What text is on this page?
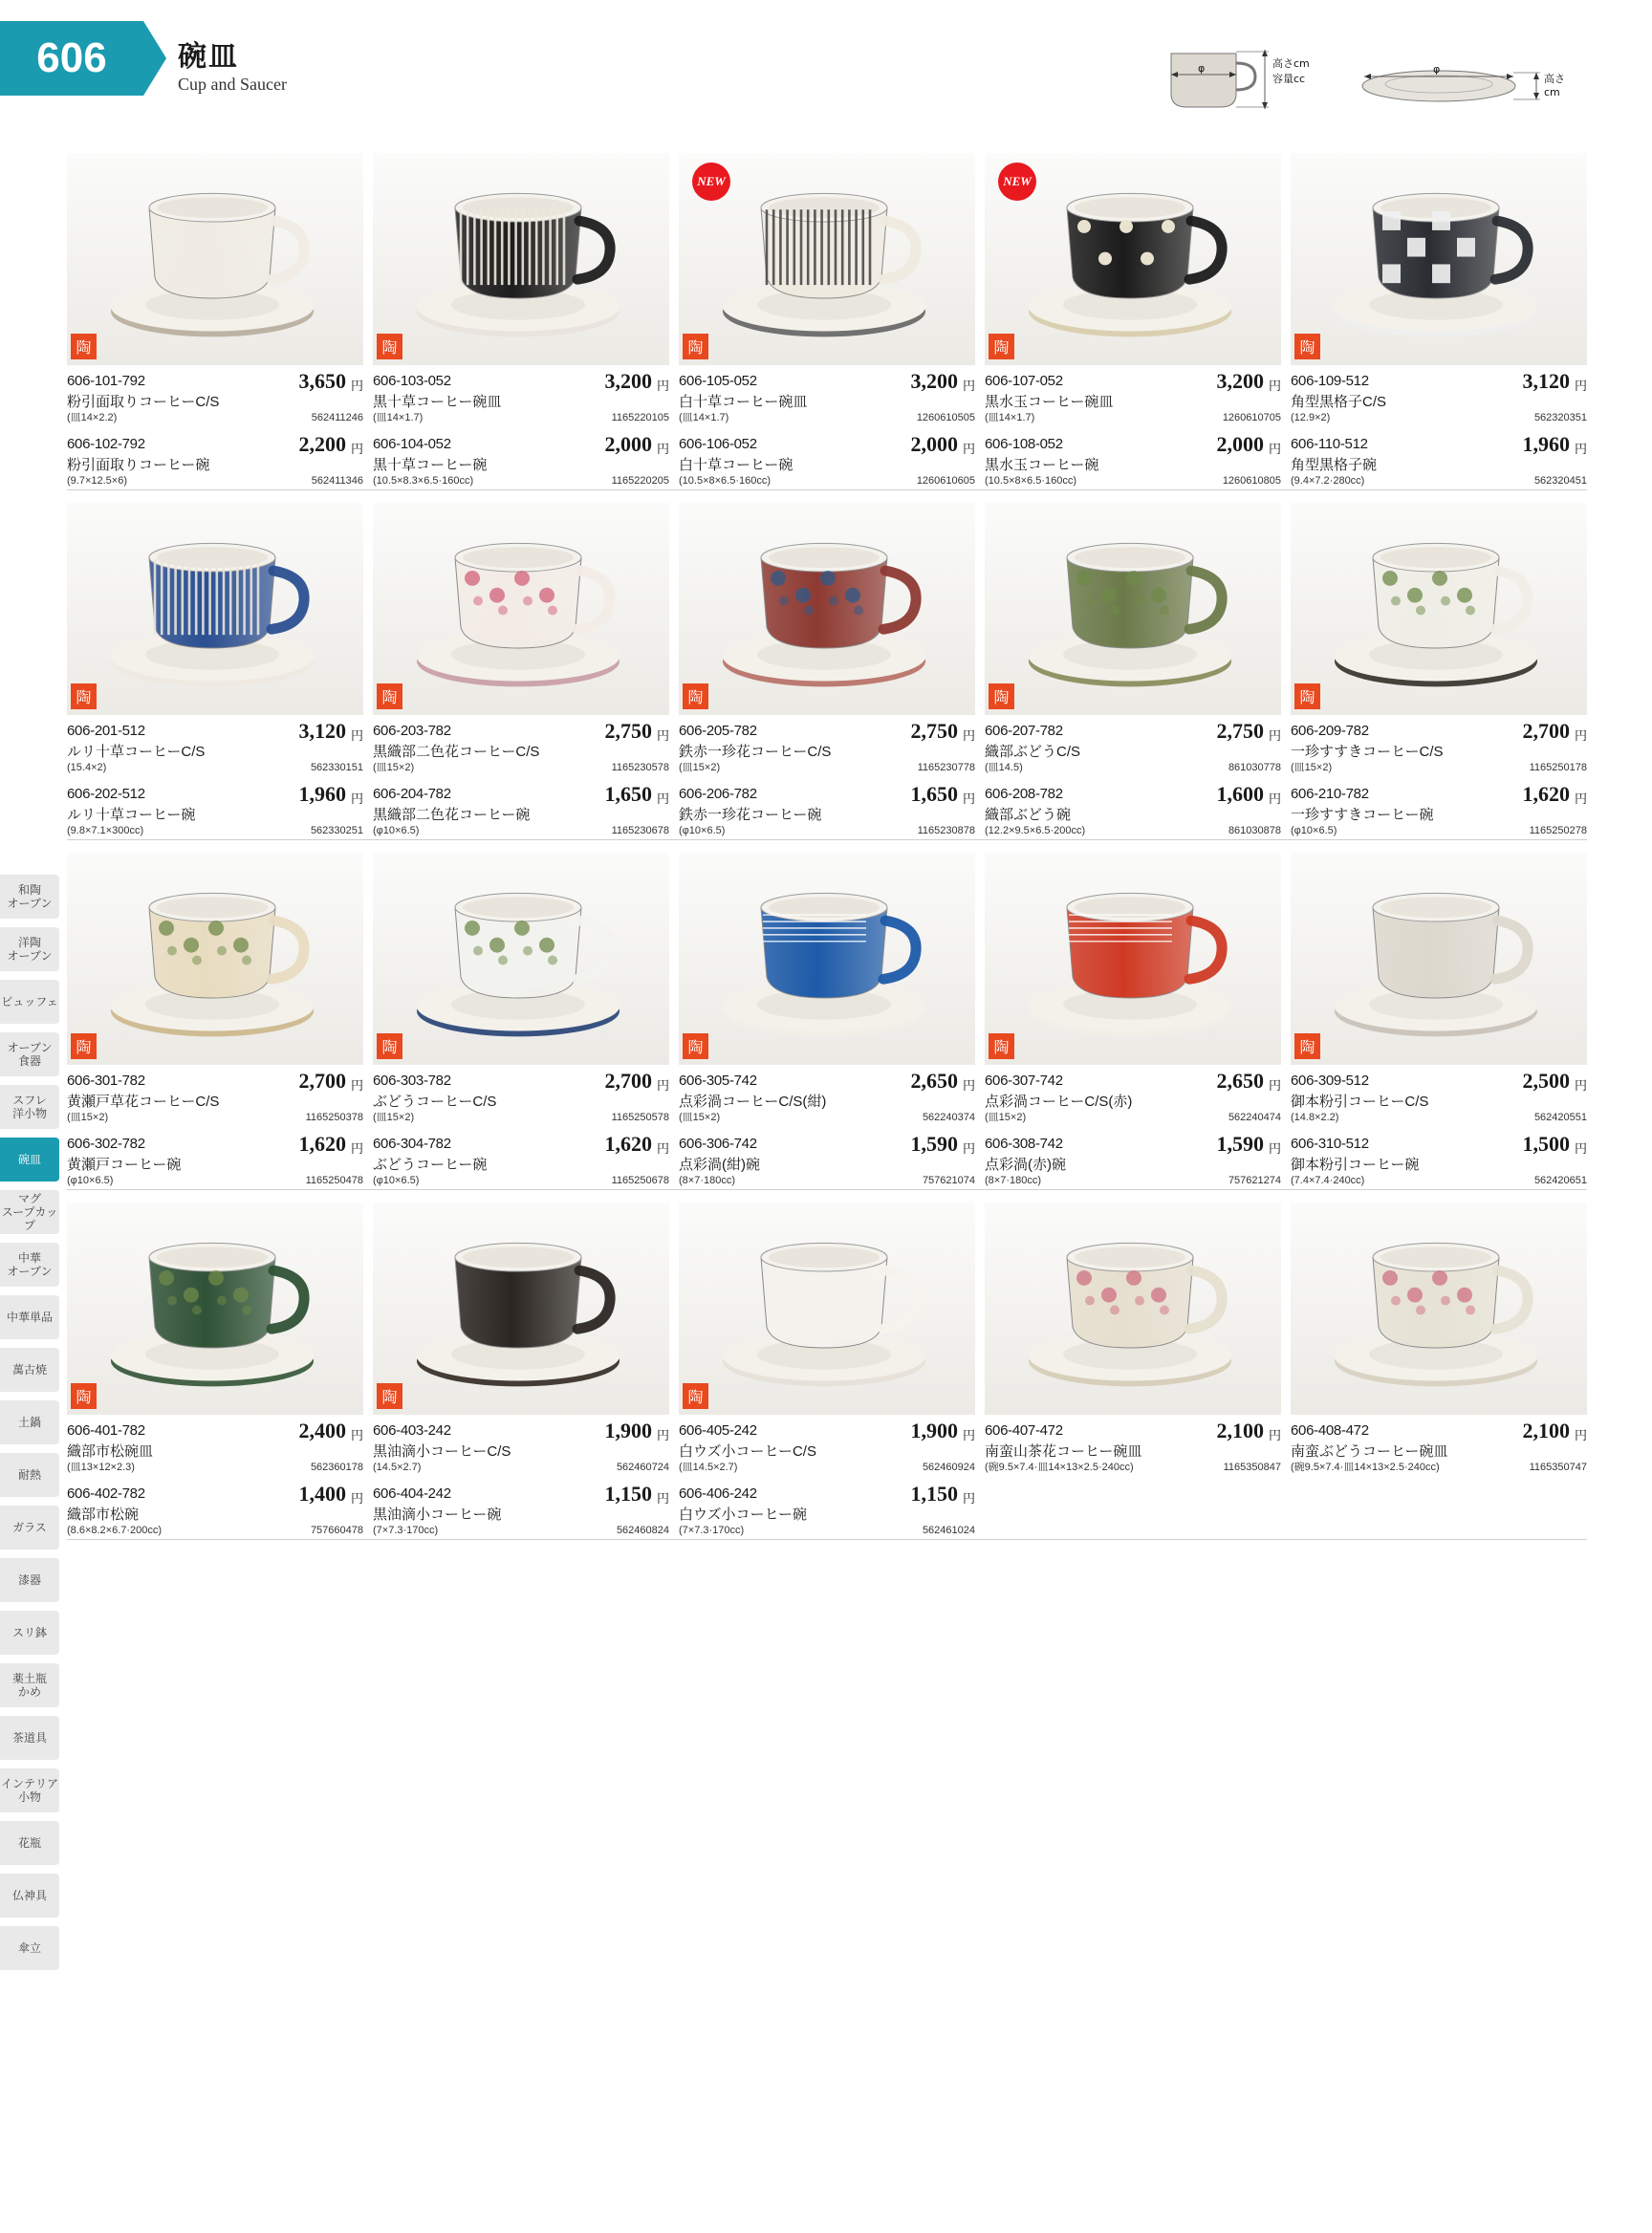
606	碗皿
Cup and Saucer
φ	高さcm
容量cc
φ
高さ
cm
和陶
オーブン
洋陶
オーブン
ビュッフェ
オーブン
食器
スフレ
洋小物
碗皿
マグ
スープカップ
中華
オーブン
中華単品
萬古焼
土鍋
耐熱
ガラス
漆器
スリ鉢
薬土瓶
かめ
茶道具
インテリア
小物
花瓶
仏神具
傘立
陶
606-101-792	3,650 円
粉引面取りコーヒーC/S
(皿14×2.2)	562411246
606-102-792	2,200 円
粉引面取りコーヒー碗
(9.7×12.5×6)	562411346
陶
606-103-052	3,200 円
黒十草コーヒー碗皿
(皿14×1.7)	1165220105
606-104-052	2,000 円
黒十草コーヒー碗
(10.5×8.3×6.5·160cc)	1165220205
陶
NEW
606-105-052	3,200 円
白十草コーヒー碗皿
(皿14×1.7)	1260610505
606-106-052	2,000 円
白十草コーヒー碗
(10.5×8×6.5·160cc)	1260610605
陶
NEW
606-107-052	3,200 円
黒水玉コーヒー碗皿
(皿14×1.7)	1260610705
606-108-052	2,000 円
黒水玉コーヒー碗
(10.5×8×6.5·160cc)	1260610805
陶
606-109-512	3,120 円
角型黒格子C/S
(12.9×2)	562320351
606-110-512	1,960 円
角型黒格子碗
(9.4×7.2·280cc)	562320451
陶
606-201-512	3,120 円
ルリ十草コーヒーC/S
(15.4×2)	562330151
606-202-512	1,960 円
ルリ十草コーヒー碗
(9.8×7.1×300cc)	562330251
陶
606-203-782	2,750 円
黒織部二色花コーヒーC/S
(皿15×2)	1165230578
606-204-782	1,650 円
黒織部二色花コーヒー碗
(φ10×6.5)	1165230678
陶
606-205-782	2,750 円
鉄赤一珍花コーヒーC/S
(皿15×2)	1165230778
606-206-782	1,650 円
鉄赤一珍花コーヒー碗
(φ10×6.5)	1165230878
陶
606-207-782	2,750 円
織部ぶどうC/S
(皿14.5)	861030778
606-208-782	1,600 円
織部ぶどう碗
(12.2×9.5×6.5·200cc)	861030878
陶
606-209-782	2,700 円
一珍すすきコーヒーC/S
(皿15×2)	1165250178
606-210-782	1,620 円
一珍すすきコーヒー碗
(φ10×6.5)	1165250278
陶
606-301-782	2,700 円
黄瀬戸草花コーヒーC/S
(皿15×2)	1165250378
606-302-782	1,620 円
黄瀬戸コーヒー碗
(φ10×6.5)	1165250478
陶
606-303-782	2,700 円
ぶどうコーヒーC/S
(皿15×2)	1165250578
606-304-782	1,620 円
ぶどうコーヒー碗
(φ10×6.5)	1165250678
陶
606-305-742	2,650 円
点彩渦コーヒーC/S(紺)
(皿15×2)	562240374
606-306-742	1,590 円
点彩渦(紺)碗
(8×7·180cc)	757621074
陶
606-307-742	2,650 円
点彩渦コーヒーC/S(赤)
(皿15×2)	562240474
606-308-742	1,590 円
点彩渦(赤)碗
(8×7·180cc)	757621274
陶
606-309-512	2,500 円
御本粉引コーヒーC/S
(14.8×2.2)	562420551
606-310-512	1,500 円
御本粉引コーヒー碗
(7.4×7.4·240cc)	562420651
陶
606-401-782	2,400 円
織部市松碗皿
(皿13×12×2.3)	562360178
606-402-782	1,400 円
織部市松碗
(8.6×8.2×6.7·200cc)	757660478
陶
606-403-242	1,900 円
黒油滴小コーヒーC/S
(14.5×2.7)	562460724
606-404-242	1,150 円
黒油滴小コーヒー碗
(7×7.3·170cc)	562460824
陶
606-405-242	1,900 円
白ウズ小コーヒーC/S
(皿14.5×2.7)	562460924
606-406-242	1,150 円
白ウズ小コーヒー碗
(7×7.3·170cc)	562461024
606-407-472	2,100 円
南蛮山茶花コーヒー碗皿
(碗9.5×7.4·皿14×13×2.5·240cc)	1165350847
606-408-472	2,100 円
南蛮ぶどうコーヒー碗皿
(碗9.5×7.4·皿14×13×2.5·240cc)	1165350747
